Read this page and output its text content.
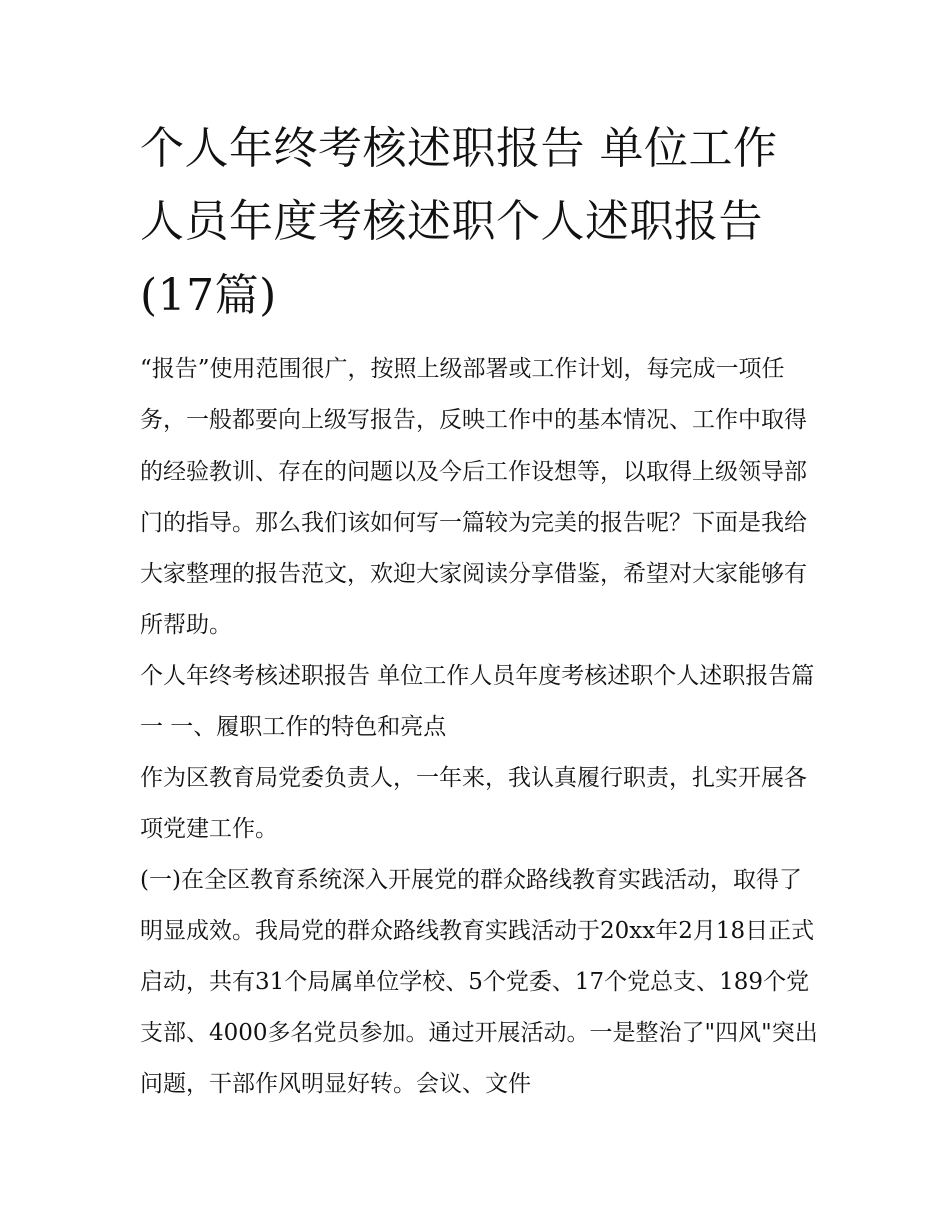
个人年终考核述职报告 单位工作人员年度考核述职个人述职报告(17篇)

“报告”使用范围很广，按照上级部署或工作计划，每完成一项任务，一般都要向上级写报告，反映工作中的基本情况、工作中取得的经验教训、存在的问题以及今后工作设想等，以取得上级领导部门的指导。那么我们该如何写一篇较为完美的报告呢？下面是我给大家整理的报告范文，欢迎大家阅读分享借鉴，希望对大家能够有所帮助。

个人年终考核述职报告 单位工作人员年度考核述职个人述职报告篇一 一、履职工作的特色和亮点

作为区教育局党委负责人，一年来，我认真履行职责，扎实开展各项党建工作。

(一)在全区教育系统深入开展党的群众路线教育实践活动，取得了明显成效。我局党的群众路线教育实践活动于20xx年2月18日正式启动，共有31个局属单位学校、5个党委、17个党总支、189个党支部、4000多名党员参加。通过开展活动。一是整治了"四风"突出问题，干部作风明显好转。会议、文件
